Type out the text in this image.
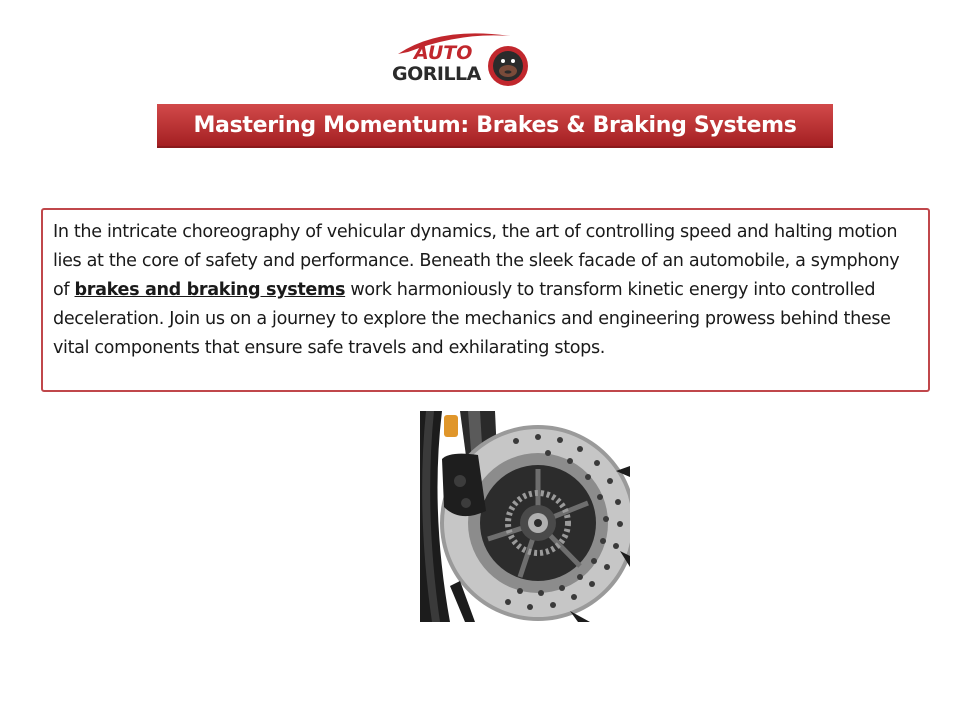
AUTO
GORILLA
Mastering Momentum: Brakes & Braking Systems

In the intricate choreography of vehicular dynamics, the art of controlling speed and halting motion lies at the core of safety and performance. Beneath the sleek facade of an automobile, a symphony of brakes and braking systems work harmoniously to transform kinetic energy into controlled deceleration. Join us on a journey to explore the mechanics and engineering prowess behind these vital components that ensure safe travels and exhilarating stops.
